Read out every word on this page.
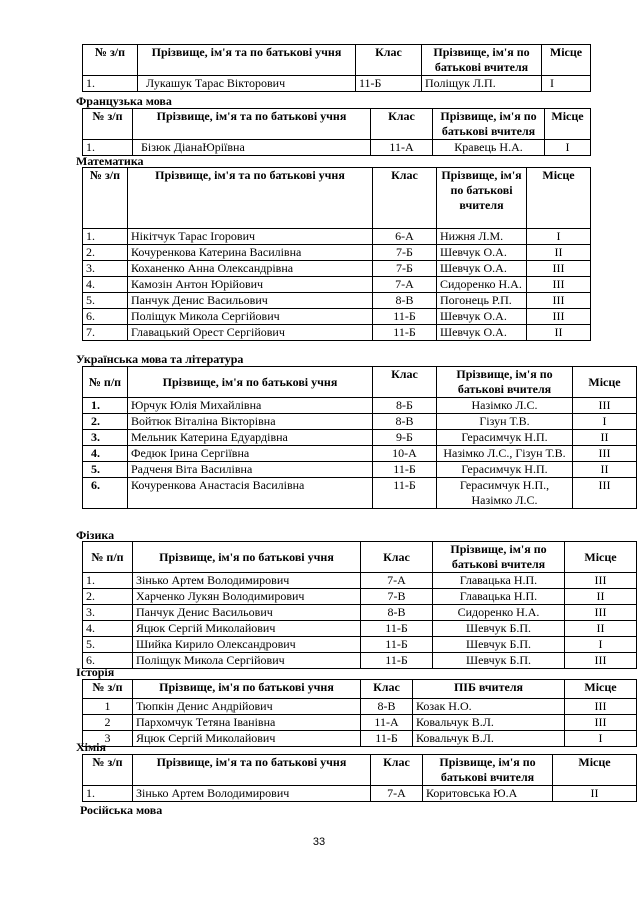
№ з/п	Прізвище, ім'я та по батькові учня	Клас	Прізвище, ім'я по батькові вчителя	Місце
1.	Лукашук Тарас Вікторович	11-Б	Поліщук Л.П.	І
Французька мова
№ з/п	Прізвище, ім'я та по батькові учня	Клас	Прізвище, ім'я по батькові вчителя	Місце
1.	Бізюк ДіанаЮріївна	11-А	Кравець Н.А.	І
Математика
№ з/п	Прізвище, ім'я та по батькові учня	Клас	Прізвище, ім'я по батькові вчителя	Місце
1.	Нікітчук Тарас Ігорович	6-А	Нижня Л.М.	І
2.	Кочуренкова Катерина Василівна	7-Б	Шевчук О.А.	ІІ
3.	Коханенко Анна Олександрівна	7-Б	Шевчук О.А.	ІІІ
4.	Камозін Антон Юрійович	7-А	Сидоренко Н.А.	ІІІ
5.	Панчук Денис Васильович	8-В	Погонець Р.П.	ІІІ
6.	Поліщук Микола Сергійович	11-Б	Шевчук О.А.	ІІІ
7.	Главацький Орест Сергійович	11-Б	Шевчук О.А.	ІІ
Українська мова та література
№ п/п	Прізвище, ім'я по батькові учня	Клас	Прізвище, ім'я по батькові вчителя	Місце
1.	Юрчук Юлія Михайлівна	8-Б	Назімко Л.С.	ІІІ
2.	Войтюк Віталіна Вікторівна	8-В	Гізун Т.В.	І
3.	Мельник Катерина Едуардівна	9-Б	Герасимчук Н.П.	ІІ
4.	Федюк Ірина Сергіївна	10-А	Назімко Л.С., Гізун Т.В.	ІІІ
5.	Радченя Віта Василівна	11-Б	Герасимчук Н.П.	ІІ
6.	Кочуренкова Анастасія Василівна	11-Б	Герасимчук Н.П., Назімко Л.С.	ІІІ
Фізика
№ п/п	Прізвище, ім'я по батькові учня	Клас	Прізвище, ім'я по батькові вчителя	Місце
1.	Зінько Артем Володимирович	7-А	Главацька Н.П.	ІІІ
2.	Харченко Лукян Володимирович	7-В	Главацька Н.П.	ІІ
3.	Панчук Денис Васильович	8-В	Сидоренко Н.А.	ІІІ
4.	Яцюк Сергій Миколайович	11-Б	Шевчук Б.П.	ІІ
5.	Шийка Кирило Олександрович	11-Б	Шевчук Б.П.	І
6.	Поліщук Микола Сергійович	11-Б	Шевчук Б.П.	ІІІ
Історія
№ з/п	Прізвище, ім'я по батькові учня	Клас	ПІБ вчителя	Місце
1	Тюпкін Денис Андрійович	8-В	Козак Н.О.	ІІІ
2	Пархомчук Тетяна Іванівна	11-А	Ковальчук В.Л.	ІІІ
3	Яцюк Сергій Миколайович	11-Б	Ковальчук В.Л.	І
Хімія
№ з/п	Прізвище, ім'я та по батькові учня	Клас	Прізвище, ім'я по батькові вчителя	Місце
1.	Зінько Артем Володимирович	7-А	Коритовська Ю.А	ІІ
Російська мова
33
